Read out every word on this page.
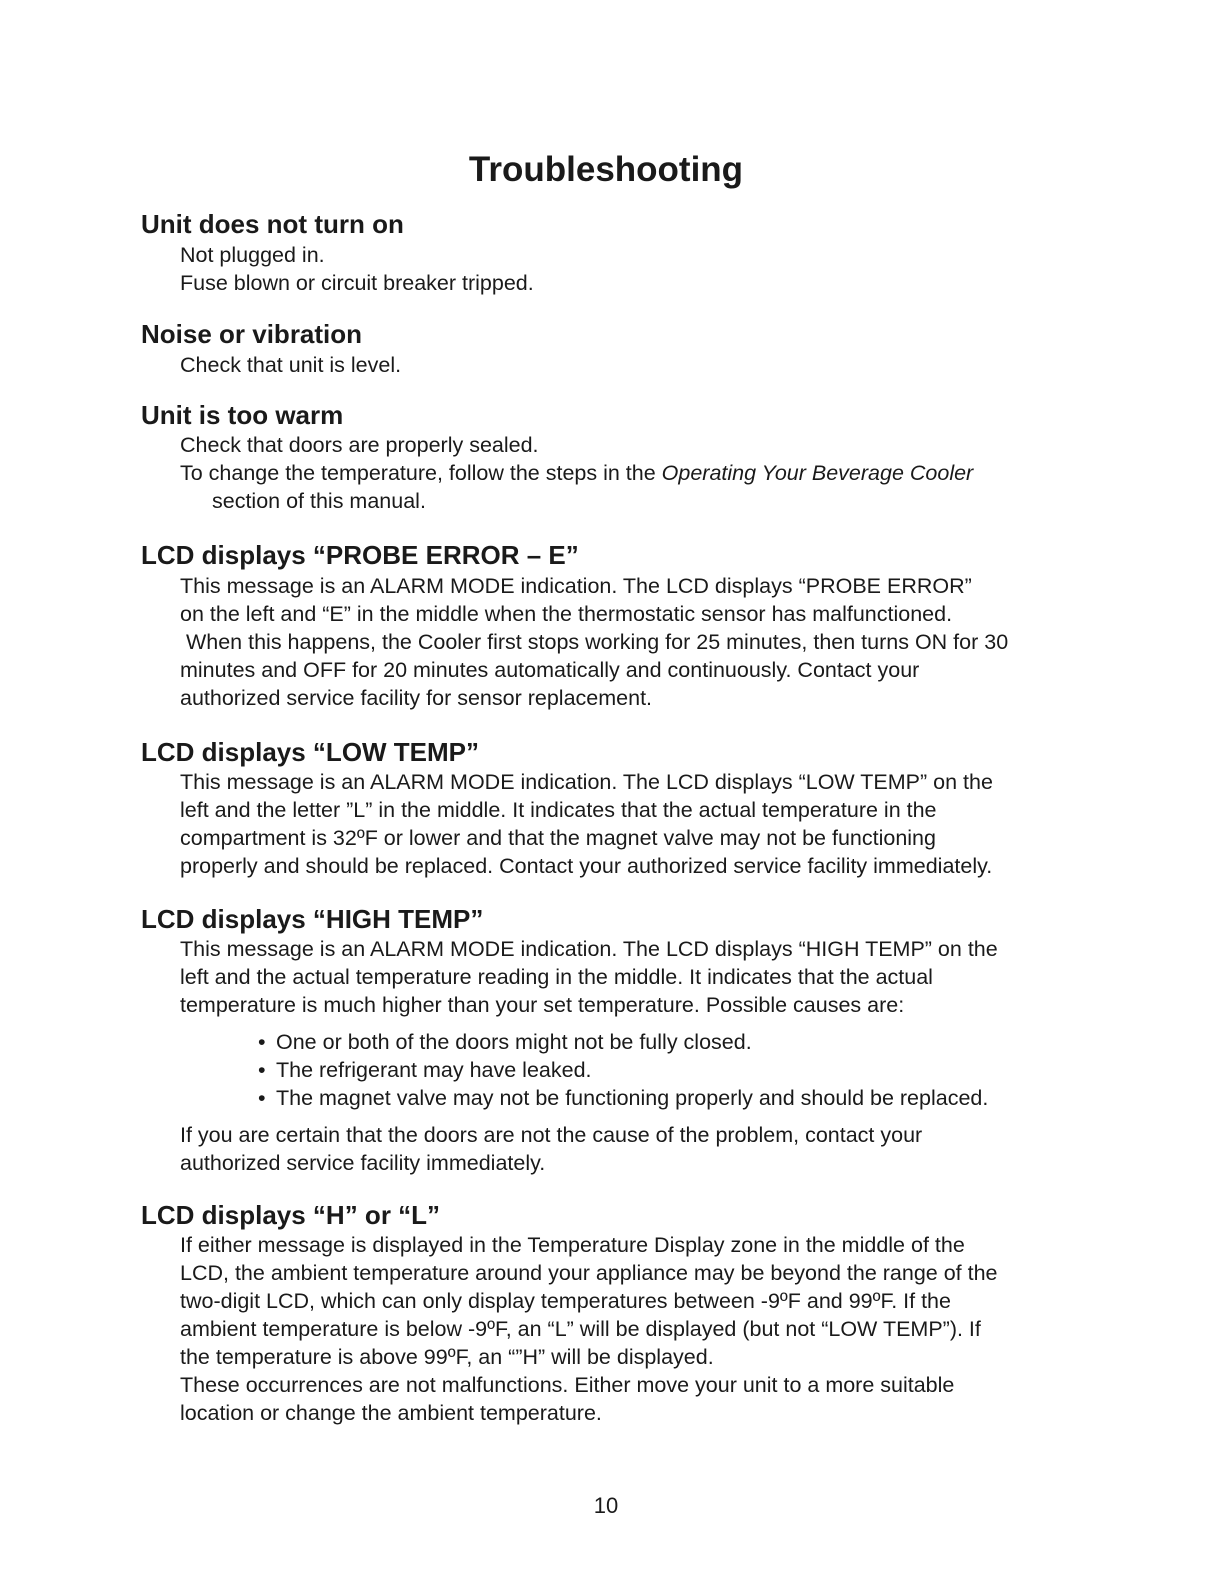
Troubleshooting
Unit does not turn on
Not plugged in.
Fuse blown or circuit breaker tripped.
Noise or vibration
Check that unit is level.
Unit is too warm
Check that doors are properly sealed.
To change the temperature, follow the steps in the Operating Your Beverage Cooler
section of this manual.
LCD displays “PROBE ERROR – E”
This message is an ALARM MODE indication. The LCD displays “PROBE ERROR”
on the left and “E” in the middle when the thermostatic sensor has malfunctioned.
When this happens, the Cooler first stops working for 25 minutes, then turns ON for 30
minutes and OFF for 20 minutes automatically and continuously. Contact your
authorized service facility for sensor replacement.
LCD displays “LOW TEMP”
This message is an ALARM MODE indication. The LCD displays “LOW TEMP” on the
left and the letter ”L” in the middle. It indicates that the actual temperature in the
compartment is 32ºF or lower and that the magnet valve may not be functioning
properly and should be replaced. Contact your authorized service facility immediately.
LCD displays “HIGH TEMP”
This message is an ALARM MODE indication. The LCD displays “HIGH TEMP” on the
left and the actual temperature reading in the middle. It indicates that the actual
temperature is much higher than your set temperature. Possible causes are:
• One or both of the doors might not be fully closed.
• The refrigerant may have leaked.
• The magnet valve may not be functioning properly and should be replaced.
If you are certain that the doors are not the cause of the problem, contact your
authorized service facility immediately.
LCD displays “H” or “L”
If either message is displayed in the Temperature Display zone in the middle of the
LCD, the ambient temperature around your appliance may be beyond the range of the
two-digit LCD, which can only display temperatures between -9ºF and 99ºF. If the
ambient temperature is below -9ºF, an “L” will be displayed (but not “LOW TEMP”). If
the temperature is above 99ºF, an “”H” will be displayed.
These occurrences are not malfunctions. Either move your unit to a more suitable
location or change the ambient temperature.
10
